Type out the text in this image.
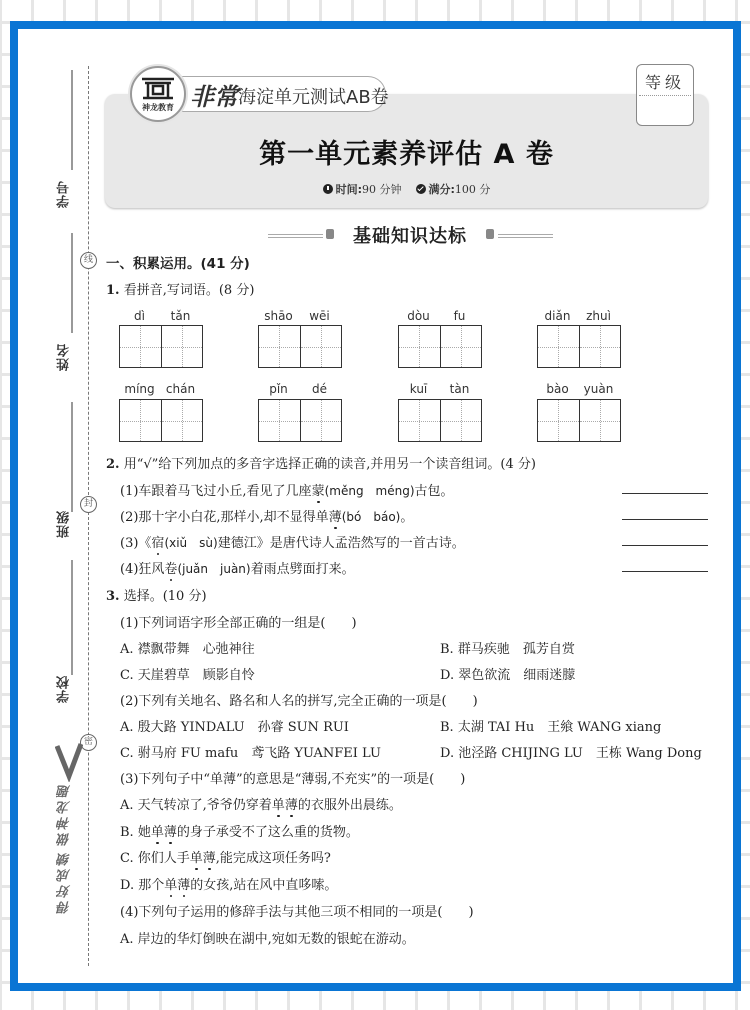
学号
姓名
班级
学校
线
封
密
做神龙题
得好成绩
神龙教育 非常 海淀单元测试AB卷
等级
第一单元素养评估 A 卷
时间:90 分钟 满分:100 分
基础知识达标
一、积累运用。(41 分)
1. 看拼音,写词语。(8 分)
dì	tǎn	shāo	wēi	dòu	fu	diǎn	zhuì
míng chán	pǐn	dé	kuī	tàn	bào	yuàn
2. 用“√”给下列加点的多音字选择正确的读音,并用另一个读音组词。(4 分)
(1)车跟着马飞过小丘,看见了几座蒙(měng　méng)古包。
(2)那十字小白花,那样小,却不显得单薄(bó　báo)。
(3)《宿(xiǔ　sù)建德江》是唐代诗人孟浩然写的一首古诗。
(4)狂风卷(juǎn　juàn)着雨点劈面打来。
3. 选择。(10 分)
(1)下列词语字形全部正确的一组是(　　)
A. 襟飘带舞　心弛神往	B. 群马疾驰　孤芳自赏
C. 天崖碧草　顾影自怜	D. 翠色欲流　细雨迷朦
(2)下列有关地名、路名和人名的拼写,完全正确的一项是(　　)
A. 殷大路 YINDALU　孙睿 SUN RUI	B. 太湖 TAI Hu　王飨 WANG xiang
C. 驸马府 FU mafu　鸢飞路 YUANFEI LU	D. 池泾路 CHIJING LU　王栋 Wang Dong
(3)下列句子中“单薄”的意思是“薄弱,不充实”的一项是(　　)
A. 天气转凉了,爷爷仍穿着单薄的衣服外出晨练。
B. 她单薄的身子承受不了这么重的货物。
C. 你们人手单薄,能完成这项任务吗?
D. 那个单薄的女孩,站在风中直哆嗦。
(4)下列句子运用的修辞手法与其他三项不相同的一项是(　　)
A. 岸边的华灯倒映在湖中,宛如无数的银蛇在游动。
